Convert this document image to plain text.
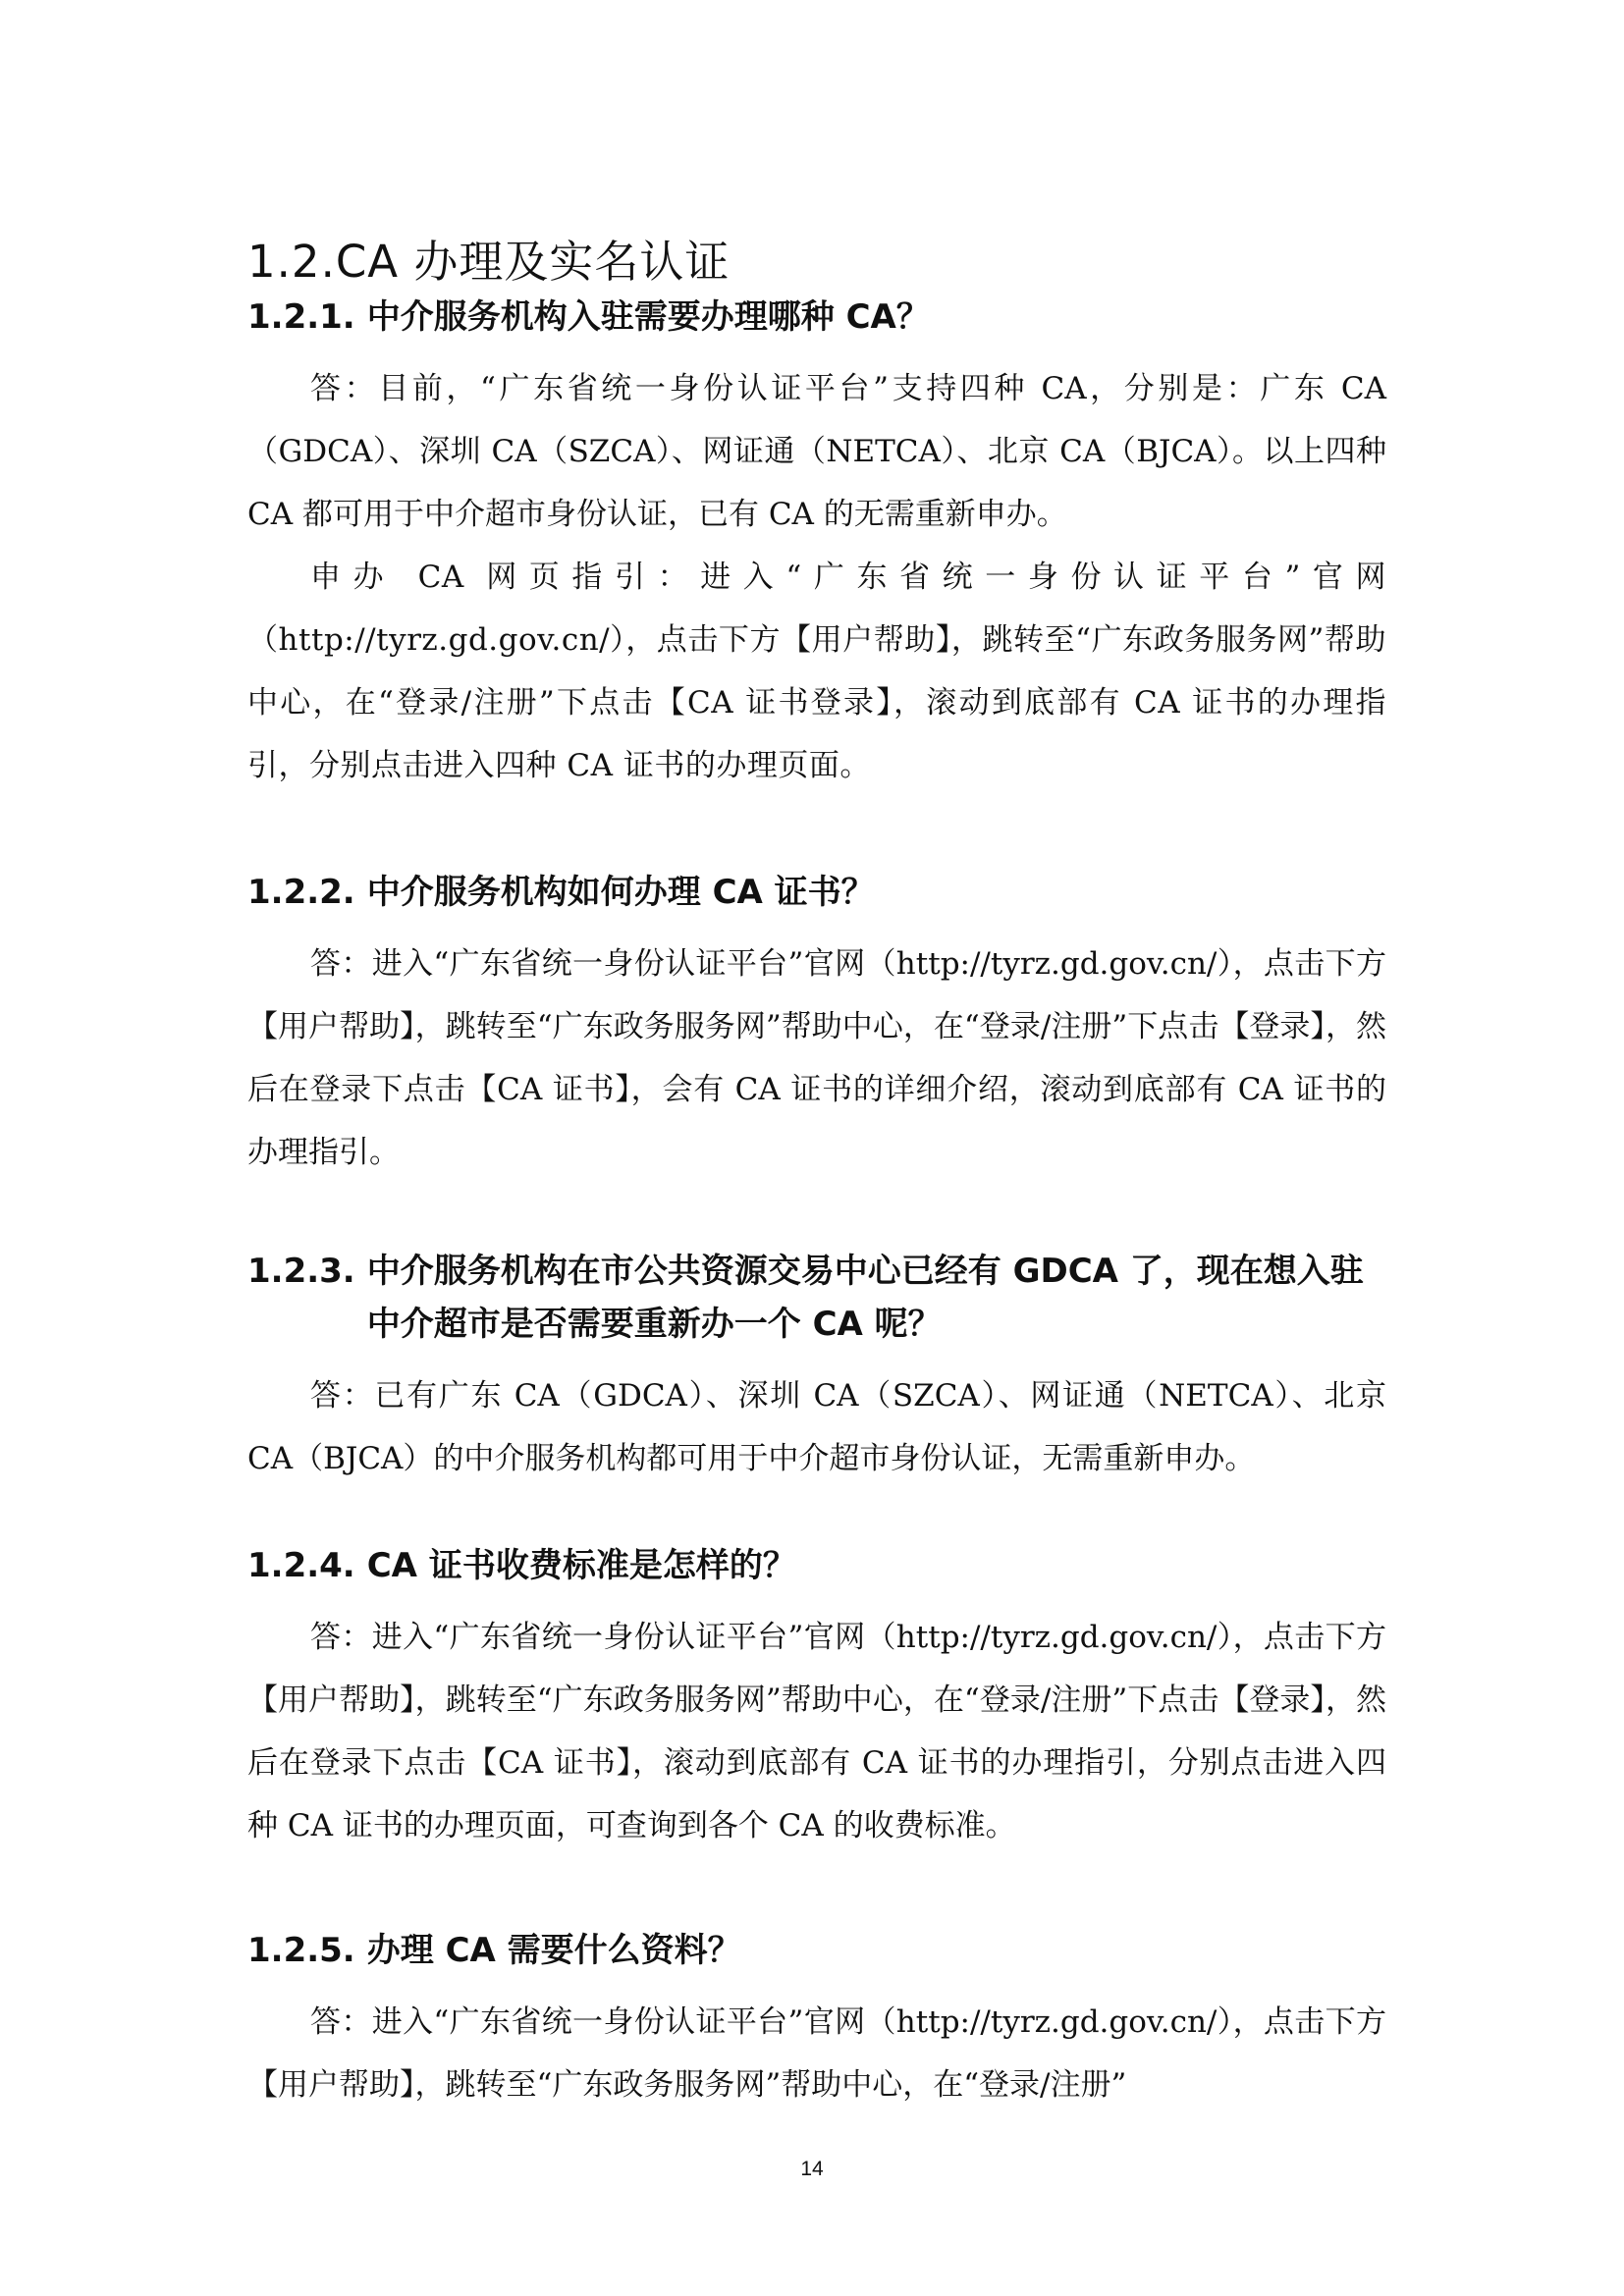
1.2.CA 办理及实名认证
1.2.1. 中介服务机构入驻需要办理哪种 CA？

答：目前，“广东省统一身份认证平台”支持四种 CA，分别是：广东 CA（GDCA）、深圳 CA（SZCA）、网证通（NETCA）、北京 CA（BJCA）。以上四种 CA 都可用于中介超市身份认证，已有 CA 的无需重新申办。

申办 CA 网页指引：进入“广东省统一身份认证平台”官网（http://tyrz.gd.gov.cn/），点击下方【用户帮助】，跳转至“广东政务服务网”帮助中心，在“登录/注册”下点击【CA 证书登录】，滚动到底部有 CA 证书的办理指引，分别点击进入四种 CA 证书的办理页面。

1.2.2. 中介服务机构如何办理 CA 证书？

答：进入“广东省统一身份认证平台”官网（http://tyrz.gd.gov.cn/），点击下方【用户帮助】，跳转至“广东政务服务网”帮助中心，在“登录/注册”下点击【登录】，然后在登录下点击【CA 证书】，会有 CA 证书的详细介绍，滚动到底部有 CA 证书的办理指引。

1.2.3. 中介服务机构在市公共资源交易中心已经有 GDCA 了，现在想入驻中介超市是否需要重新办一个 CA 呢？

答：已有广东 CA（GDCA）、深圳 CA（SZCA）、网证通（NETCA）、北京 CA（BJCA）的中介服务机构都可用于中介超市身份认证，无需重新申办。

1.2.4. CA 证书收费标准是怎样的？

答：进入“广东省统一身份认证平台”官网（http://tyrz.gd.gov.cn/），点击下方【用户帮助】，跳转至“广东政务服务网”帮助中心，在“登录/注册”下点击【登录】，然后在登录下点击【CA 证书】，滚动到底部有 CA 证书的办理指引，分别点击进入四种 CA 证书的办理页面，可查询到各个 CA 的收费标准。

1.2.5. 办理 CA 需要什么资料？

答：进入“广东省统一身份认证平台”官网（http://tyrz.gd.gov.cn/），点击下方【用户帮助】，跳转至“广东政务服务网”帮助中心，在“登录/注册”

14
